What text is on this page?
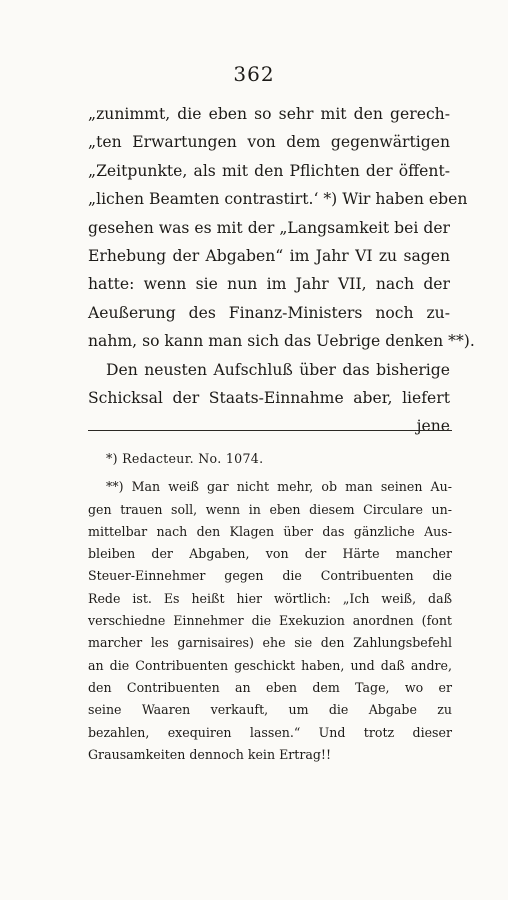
362
„zunimmt, die eben so sehr mit den gerech-
„ten Erwartungen von dem gegenwärtigen
„Zeitpunkte, als mit den Pflichten der öffent-
„lichen Beamten contrastirt.‘ *) Wir haben eben
gesehen was es mit der „Langsamkeit bei der
Erhebung der Abgaben“ im Jahr VI zu sagen
hatte: wenn sie nun im Jahr VII, nach der
Aeußerung des Finanz-Ministers noch zu-
nahm, so kann man sich das Uebrige denken **).
Den neusten Aufschluß über das bisherige
Schicksal der Staats-Einnahme aber, liefert
jene
*) Redacteur. No. 1074.
**) Man weiß gar nicht mehr, ob man seinen Au-
gen trauen soll, wenn in eben diesem Circulare un-
mittelbar nach den Klagen über das gänzliche Aus-
bleiben der Abgaben, von der Härte mancher
Steuer-Einnehmer gegen die Contribuenten die
Rede ist. Es heißt hier wörtlich: „Ich weiß, daß
verschiedne Einnehmer die Exekuzion anordnen (font
marcher les garnisaires) ehe sie den Zahlungsbefehl
an die Contribuenten geschickt haben, und daß andre,
den Contribuenten an eben dem Tage, wo er
seine Waaren verkauft, um die Abgabe zu
bezahlen, exequiren lassen.“ Und trotz dieser
Grausamkeiten dennoch kein Ertrag!!
